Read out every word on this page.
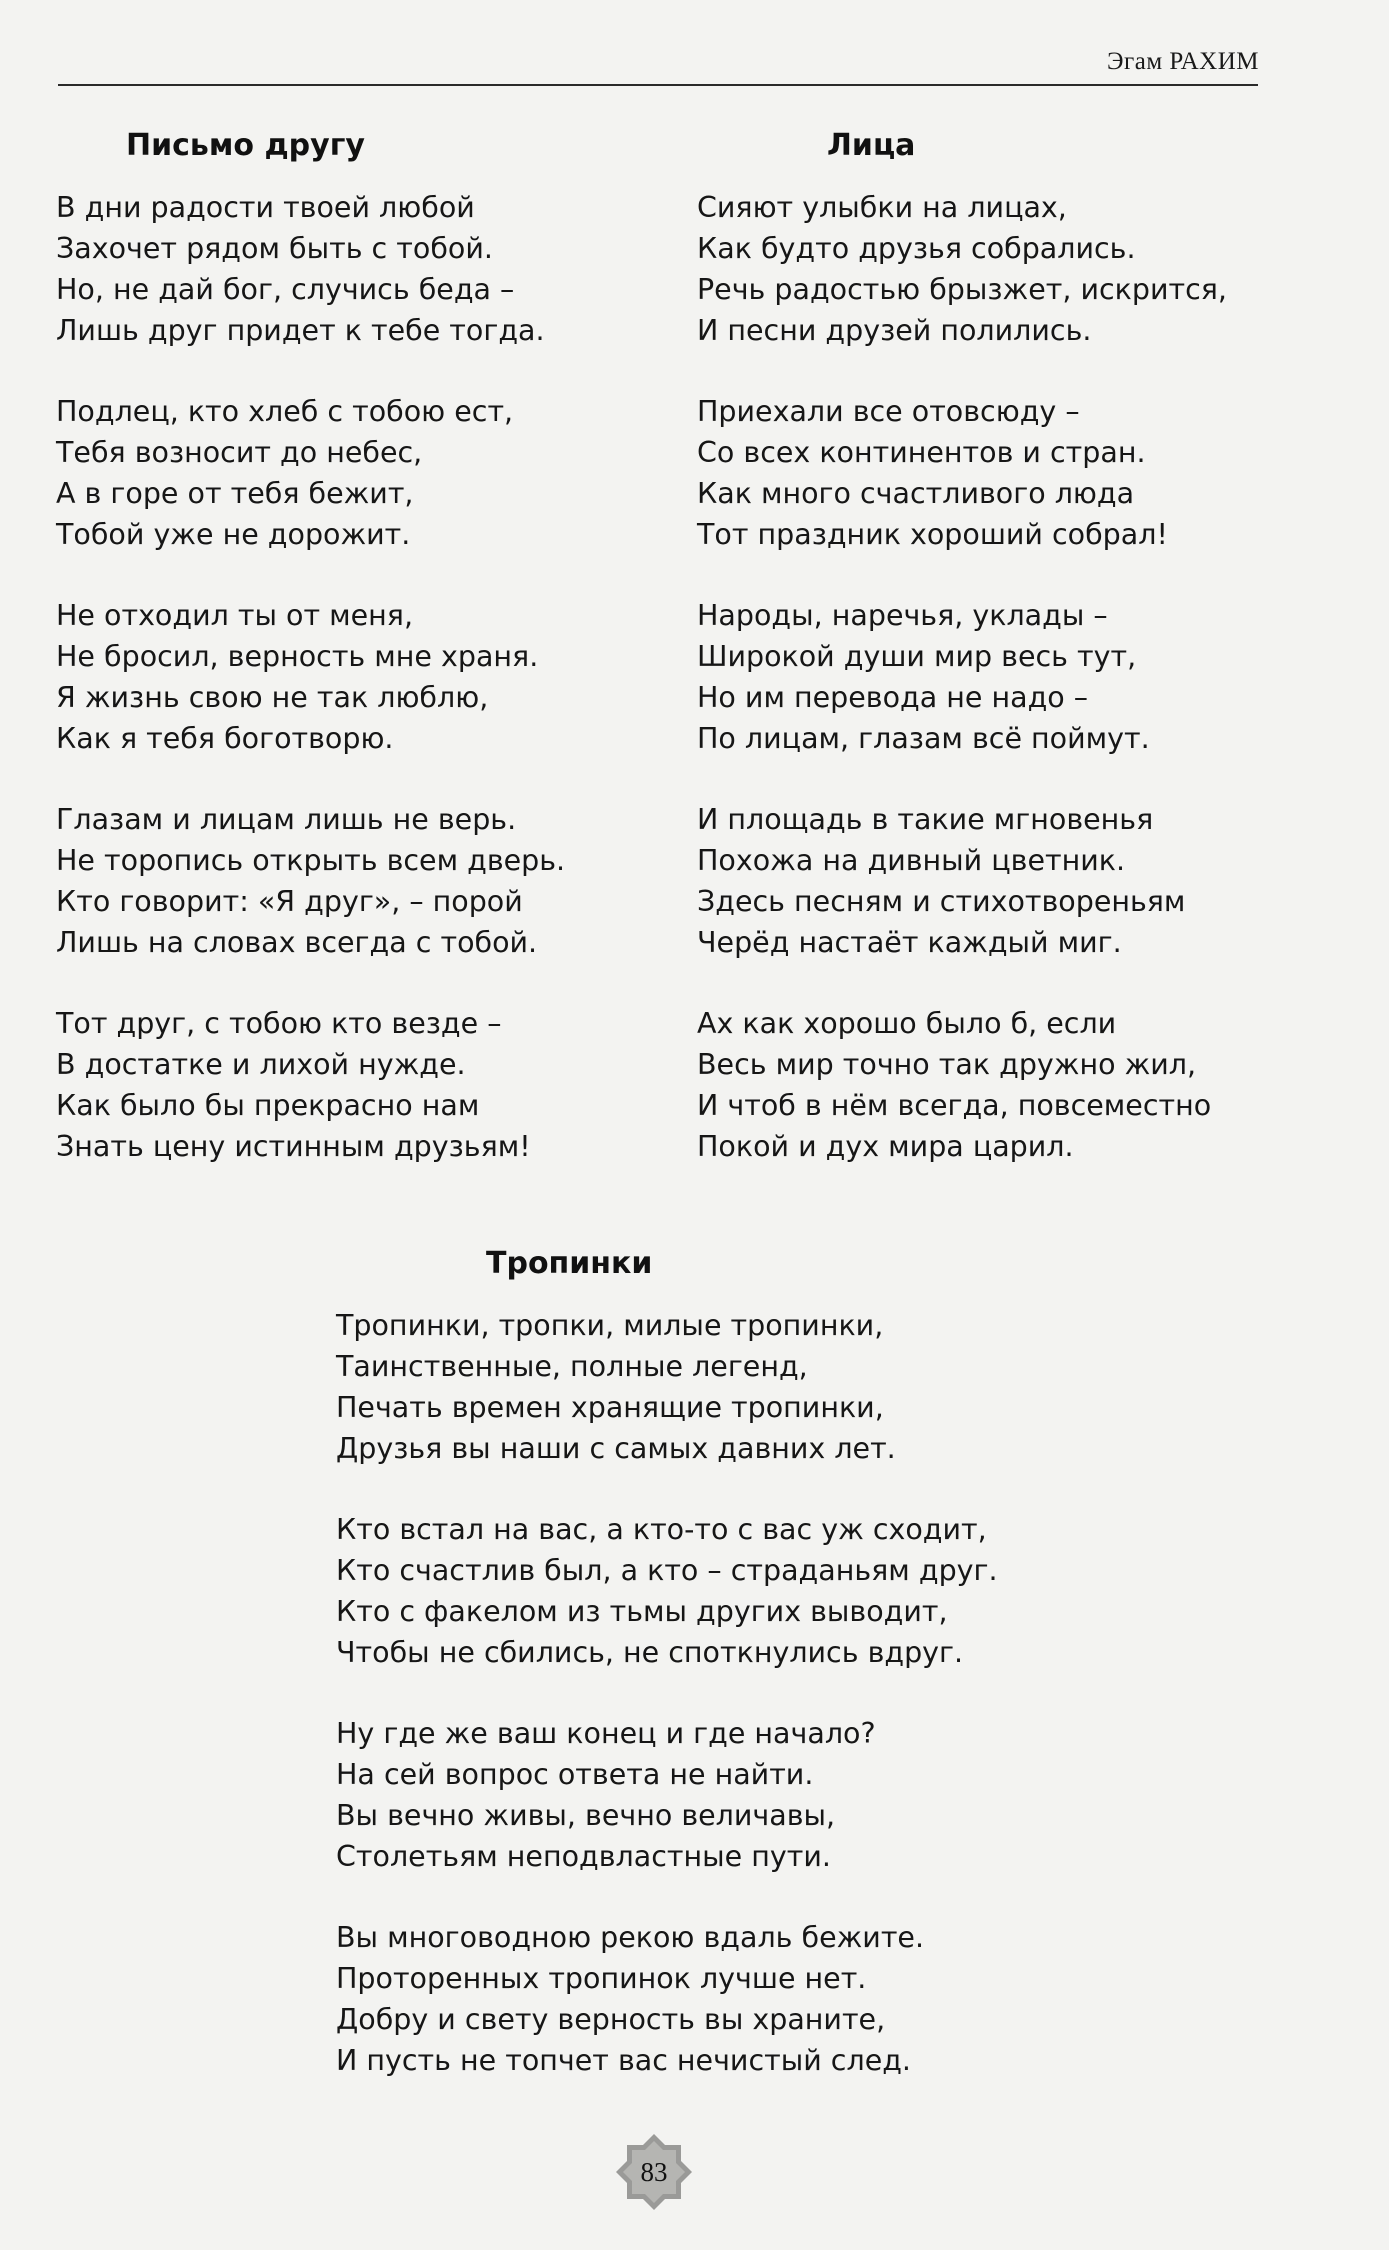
Эгам РАХИМ
Письмо другу
В дни радости твоей любой
Захочет рядом быть с тобой.
Но, не дай бог, случись беда –
Лишь друг придет к тебе тогда.
Подлец, кто хлеб с тобою ест,
Тебя возносит до небес,
А в горе от тебя бежит,
Тобой уже не дорожит.
Не отходил ты от меня,
Не бросил, верность мне храня.
Я жизнь свою не так люблю,
Как я тебя боготворю.
Глазам и лицам лишь не верь.
Не торопись открыть всем дверь.
Кто говорит: «Я друг», – порой
Лишь на словах всегда с тобой.
Тот друг, с тобою кто везде –
В достатке и лихой нужде.
Как было бы прекрасно нам
Знать цену истинным друзьям!
Лица
Сияют улыбки на лицах,
Как будто друзья собрались.
Речь радостью брызжет, искрится,
И песни друзей полились.
Приехали все отовсюду –
Со всех континентов и стран.
Как много счастливого люда
Тот праздник хороший собрал!
Народы, наречья, уклады –
Широкой души мир весь тут,
Но им перевода не надо –
По лицам, глазам всё поймут.
И площадь в такие мгновенья
Похожа на дивный цветник.
Здесь песням и стихотвореньям
Черёд настаёт каждый миг.
Ах как хорошо было б, если
Весь мир точно так дружно жил,
И чтоб в нём всегда, повсеместно
Покой и дух мира царил.
Тропинки
Тропинки, тропки, милые тропинки,
Таинственные, полные легенд,
Печать времен хранящие тропинки,
Друзья вы наши с самых давних лет.
Кто встал на вас, а кто-то с вас уж сходит,
Кто счастлив был, а кто – страданьям друг.
Кто с факелом из тьмы других выводит,
Чтобы не сбились, не споткнулись вдруг.
Ну где же ваш конец и где начало?
На сей вопрос ответа не найти.
Вы вечно живы, вечно величавы,
Столетьям неподвластные пути.
Вы многоводною рекою вдаль бежите.
Проторенных тропинок лучше нет.
Добру и свету верность вы храните,
И пусть не топчет вас нечистый след.
83
